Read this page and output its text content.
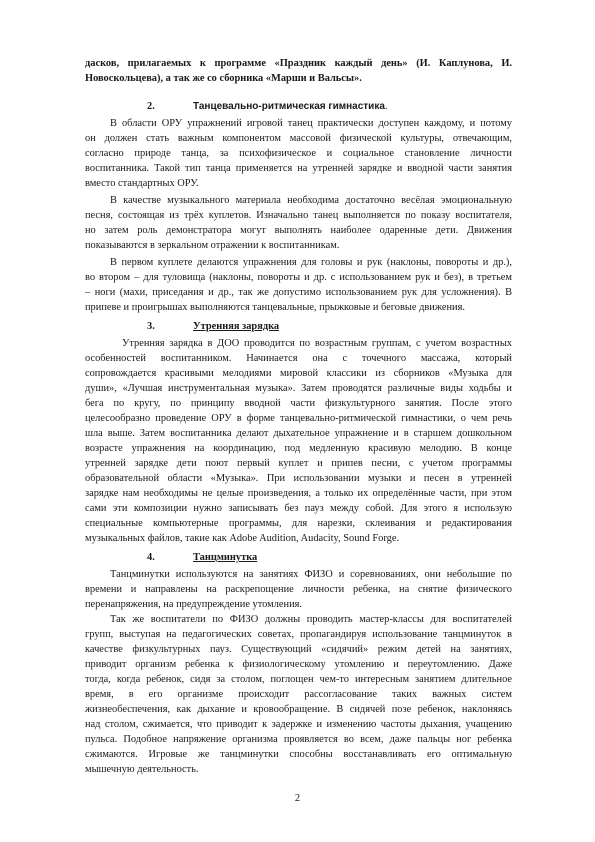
дасков, прилагаемых к программе «Праздник каждый день» (И. Каплунова, И.
Новоскольцева), а так же со сборника «Марши и Вальсы».
2.	Танцевально-ритмическая гимнастика.
В области ОРУ упражнений игровой танец практически доступен каждому, и потому
он должен стать важным компонентом массовой физической культуры, отвечающим,
согласно природе танца, за психофизическое и социальное становление личности
воспитанника. Такой тип танца применяется на утренней зарядке и вводной части занятия
вместо стандартных ОРУ.
В качестве музыкального материала необходима достаточно весёлая эмоциональную
песня, состоящая из трёх куплетов. Изначально танец выполняется по показу воспитателя,
но затем роль демонстратора могут выполнять наиболее одаренные дети. Движения
показываются в зеркальном отражении к воспитанникам.
В первом куплете делаются упражнения для головы и рук (наклоны, повороты и др.),
во втором – для туловища (наклоны, повороты и др. с использованием рук и без), в третьем
– ноги (махи, приседания и др., так же допустимо использованием рук для усложнения). В
припеве и проигрышах выполняются танцевальные, прыжковые и беговые движения.
3.	Утренняя зарядка
Утренняя зарядка в ДОО проводится по возрастным группам, с учетом возрастных
особенностей воспитанником. Начинается она с точечного массажа, который
сопровождается красивыми мелодиями мировой классики из сборников «Музыка для
души», «Лучшая инструментальная музыка». Затем проводятся различные виды ходьбы и
бега по кругу, по принципу вводной части физкультурного занятия. После этого
целесообразно проведение ОРУ в форме танцевально-ритмической гимнастики, о чем речь
шла выше. Затем воспитанника делают дыхательное упражнение и в старшем дошкольном
возрасте упражнения на координацию, под медленную красивую мелодию. В конце
утренней зарядке дети поют первый куплет и припев песни, с учетом программы
образовательной области «Музыка». При использовании музыки и песен в утренней
зарядке нам необходимы не целые произведения, а только их определённые части, при этом
сами эти композиции нужно записывать без пауз между собой. Для этого я использую
специальные компьютерные программы, для нарезки, склеивания и редактирования
музыкальных файлов, такие как Adobe Audition, Audacity, Sound Forge.
4.	Танцминутка
Танцминутки используются на занятиях ФИЗО и соревнованиях, они небольшие по
времени и направлены на раскрепощение личности ребенка, на снятие физического
перенапряжения, на предупреждение утомления.
Так же воспитатели по ФИЗО должны проводить мастер-классы для воспитателей
групп, выступая на педагогических советах, пропагандируя использование танцминуток в
качестве физкультурных пауз. Существующий «сидячий» режим детей на занятиях,
приводит организм ребенка к физиологическому утомлению и переутомлению. Даже
тогда, когда ребенок, сидя за столом, поглощен чем-то интересным занятием длительное
время, в его организме происходит рассогласование таких важных систем
жизнеобеспечения, как дыхание и кровообращение. В сидячей позе ребенок, наклоняясь
над столом, сжимается, что приводит к задержке и изменению частоты дыхания, учащению
пульса. Подобное напряжение организма проявляется во всем, даже пальцы ног ребенка
сжимаются. Игровые же танцминутки способны восстанавливать его оптимальную
мышечную деятельность.
2
